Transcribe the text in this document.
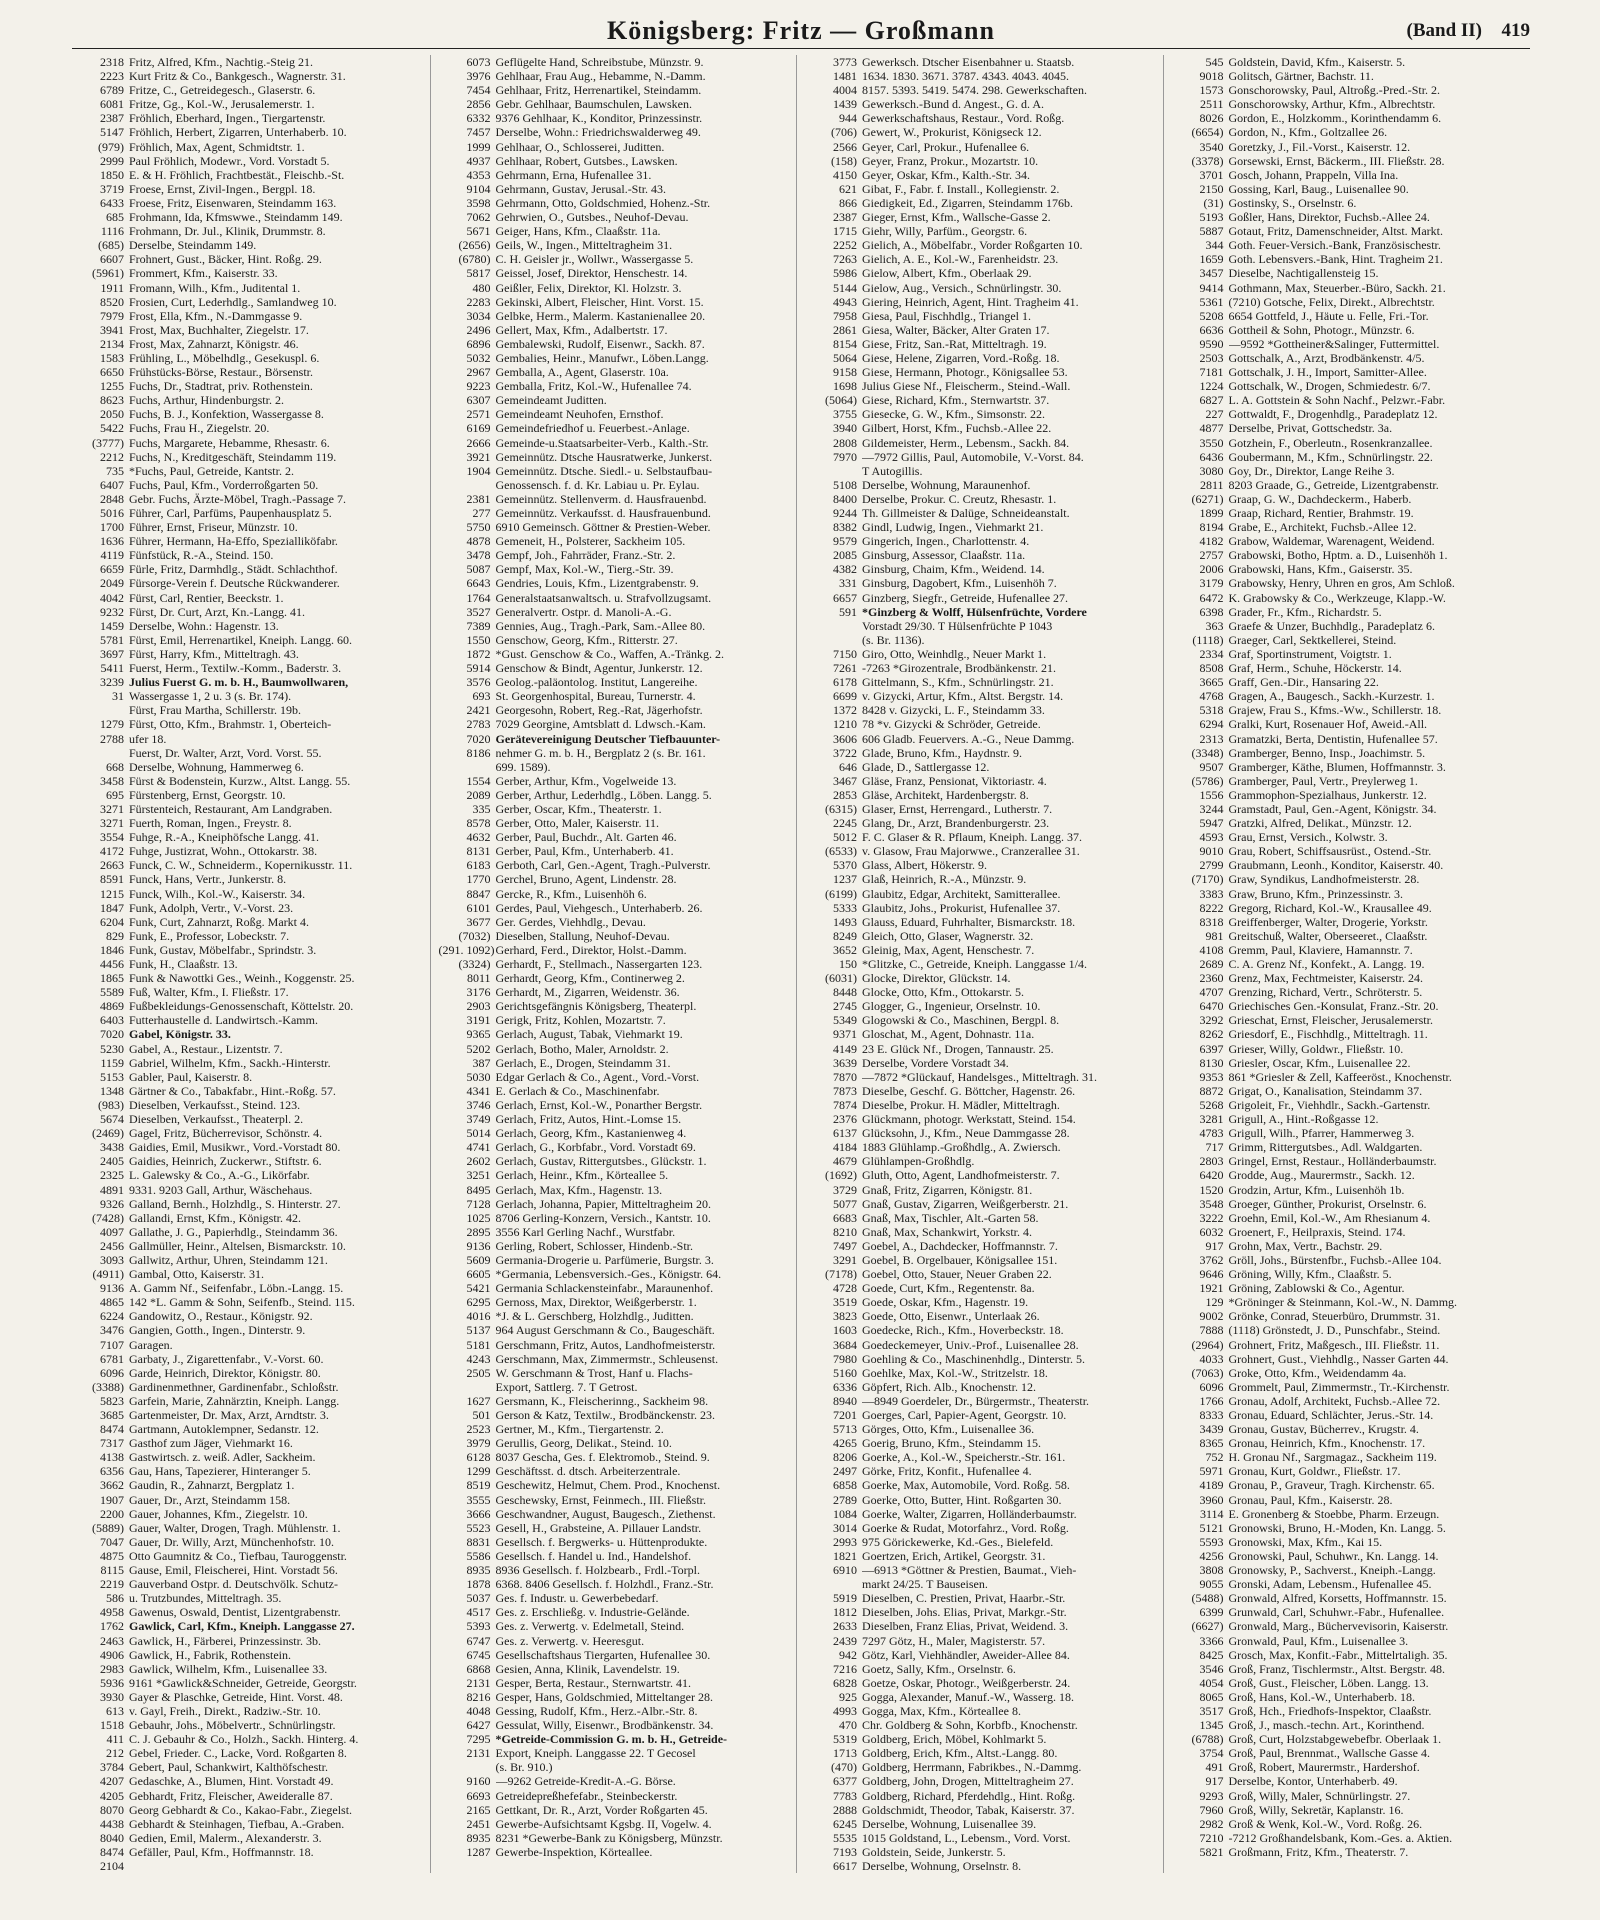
Königsberg: Fritz — Großmann	(Band II) 419
2318 Fritz, Alfred, Kfm., Nachtig.-Steig 21.
2223 Kurt Fritz & Co., Bankgesch., Wagnerstr. 31.
6789 Fritze, C., Getreidegesch., Glaserstr. 6.
6081 Fritze, Gg., Kol.-W., Jerusalemerstr. 1.
2387 Fröhlich, Eberhard, Ingen., Tiergartenstr.
5147 Fröhlich, Herbert, Zigarren, Unterhaberb. 10.
(979) Fröhlich, Max, Agent, Schmidtstr. 1.
2999 Paul Fröhlich, Modewr., Vord. Vorstadt 5.
1850 E. & H. Fröhlich, Frachtbestät., Fleischb.-St.
3719 Froese, Ernst, Zivil-Ingen., Bergpl. 18.
6433 Froese, Fritz, Eisenwaren, Steindamm 163.
685 Frohmann, Ida, Kfmswwe., Steindamm 149.
1116 Frohmann, Dr. Jul., Klinik, Drummstr. 8.
(685) Derselbe, Steindamm 149.
6607 Frohnert, Gust., Bäcker, Hint. Roßg. 29.
(5961) Frommert, Kfm., Kaiserstr. 33.
1911 Fromann, Wilh., Kfm., Juditental 1.
8520 Frosien, Curt, Lederhdlg., Samlandweg 10.
7979 Frost, Ella, Kfm., N.-Dammgasse 9.
3941 Frost, Max, Buchhalter, Ziegelstr. 17.
2134 Frost, Max, Zahnarzt, Königstr. 46.
1583 Frühling, L., Möbelhdlg., Gesekuspl. 6.
6650 Frühstücks-Börse, Restaur., Börsenstr.
1255 Fuchs, Dr., Stadtrat, priv. Rothenstein.
8623 Fuchs, Arthur, Hindenburgstr. 2.
2050 Fuchs, B. J., Konfektion, Wassergasse 8.
5422 Fuchs, Frau H., Ziegelstr. 20.
(3777) Fuchs, Margarete, Hebamme, Rhesastr. 6.
2212 Fuchs, N., Kreditgeschäft, Steindamm 119.
735 *Fuchs, Paul, Getreide, Kantstr. 2.
6407 Fuchs, Paul, Kfm., Vorderroßgarten 50.
2848 Gebr. Fuchs, Ärzte-Möbel, Tragh.-Passage 7.
5016 Führer, Carl, Parfüms, Paupenhausplatz 5.
1700 Führer, Ernst, Friseur, Münzstr. 10.
1636 Führer, Hermann, Ha-Effo, Spezialliköfabr.
4119 Fünfstück, R.-A., Steind. 150.
6659 Fürle, Fritz, Darmhdlg., Städt. Schlachthof.
2049 Fürsorge-Verein f. Deutsche Rückwanderer.
4042 Fürst, Carl, Rentier, Beeckstr. 1.
9232 Fürst, Dr. Curt, Arzt, Kn.-Langg. 41.
1459 Derselbe, Wohn.: Hagenstr. 13.
5781 Fürst, Emil, Herrenartikel, Kneiph. Langg. 60.
3697 Fürst, Harry, Kfm., Mitteltragh. 43.
5411 Fuerst, Herm., Textilw.-Komm., Baderstr. 3.
3239 Julius Fuerst G. m. b. H., Baumwollwaren,
31 Wassergasse 1, 2 u. 3 (s. Br. 174).
Fürst, Frau Martha, Schillerstr. 19b.
1279 Fürst, Otto, Kfm., Brahmstr. 1, Oberteich-
2788 ufer 18.
Fuerst, Dr. Walter, Arzt, Vord. Vorst. 55.
668 Derselbe, Wohnung, Hammerweg 6.
3458 Fürst & Bodenstein, Kurzw., Altst. Langg. 55.
695 Fürstenberg, Ernst, Georgstr. 10.
3271 Fürstenteich, Restaurant, Am Landgraben.
3271 Fuerth, Roman, Ingen., Freystr. 8.
3554 Fuhge, R.-A., Kneiphöfsche Langg. 41.
4172 Fuhge, Justizrat, Wohn., Ottokarstr. 38.
2663 Funck, C. W., Schneiderm., Kopernikusstr. 11.
8591 Funck, Hans, Vertr., Junkerstr. 8.
1215 Funck, Wilh., Kol.-W., Kaiserstr. 34.
1847 Funk, Adolph, Vertr., V.-Vorst. 23.
6204 Funk, Curt, Zahnarzt, Roßg. Markt 4.
829 Funk, E., Professor, Lobeckstr. 7.
1846 Funk, Gustav, Möbelfabr., Sprindstr. 3.
4456 Funk, H., Claaßstr. 13.
1865 Funk & Nawottki Ges., Weinh., Koggenstr. 25.
5589 Fuß, Walter, Kfm., I. Fließstr. 17.
4869 Fußbekleidungs-Genossenschaft, Köttelstr. 20.
6403 Futterhaustelle d. Landwirtsch.-Kamm.
7020 Gabel, Königstr. 33.
5230 Gabel, A., Restaur., Lizentstr. 7.
1159 Gabriel, Wilhelm, Kfm., Sackh.-Hinterstr.
5153 Gabler, Paul, Kaiserstr. 8.
1348 Gärtner & Co., Tabakfabr., Hint.-Roßg. 57.
(983) Dieselben, Verkaufsst., Steind. 123.
5674 Dieselben, Verkaufsst., Theaterpl. 2.
(2469) Gagel, Fritz, Bücherrevisor, Schönstr. 4.
3438 Gaidies, Emil, Musikwr., Vord.-Vorstadt 80.
2405 Gaidies, Heinrich, Zuckerwr., Stiftstr. 6.
2325 L. Galewsky & Co., A.-G., Likörfabr.
4891 9331. 9203 Gall, Arthur, Wäschehaus.
9326 Galland, Bernh., Holzhdlg., S. Hinterstr. 27.
(7428) Gallandi, Ernst, Kfm., Königstr. 42.
4097 Gallathe, J. G., Papierhdlg., Steindamm 36.
2456 Gallmüller, Heinr., Altelsen, Bismarckstr. 10.
3093 Gallwitz, Arthur, Uhren, Steindamm 121.
(4911) Gambal, Otto, Kaiserstr. 31.
9136 A. Gamm Nf., Seifenfabr., Löbn.-Langg. 15.
4865 142 *L. Gamm & Sohn, Seifenfb., Steind. 115.
6224 Gandowitz, O., Restaur., Königstr. 92.
3476 Gangien, Gotth., Ingen., Dinterstr. 9.
7107 Garagen.
6781 Garbaty, J., Zigarettenfabr., V.-Vorst. 60.
6096 Garde, Heinrich, Direktor, Königstr. 80.
(3388) Gardinenmethner, Gardinenfabr., Schloßstr.
5823 Garfein, Marie, Zahnärztin, Kneiph. Langg.
3685 Gartenmeister, Dr. Max, Arzt, Arndtstr. 3.
8474 Gartmann, Autoklempner, Sedanstr. 12.
7317 Gasthof zum Jäger, Viehmarkt 16.
4138 Gastwirtsch. z. weiß. Adler, Sackheim.
6356 Gau, Hans, Tapezierer, Hinteranger 5.
3662 Gaudin, R., Zahnarzt, Bergplatz 1.
1907 Gauer, Dr., Arzt, Steindamm 158.
2200 Gauer, Johannes, Kfm., Ziegelstr. 10.
(5889) Gauer, Walter, Drogen, Tragh. Mühlenstr. 1.
7047 Gauer, Dr. Willy, Arzt, Münchenhofstr. 10.
4875 Otto Gaumnitz & Co., Tiefbau, Tauroggenstr.
8115 Gause, Emil, Fleischerei, Hint. Vorstadt 56.
2219 Gauverband Ostpr. d. Deutschvölk. Schutz-
586 u. Trutzbundes, Mitteltragh. 35.
4958 Gawenus, Oswald, Dentist, Lizentgrabenstr.
1762 Gawlick, Carl, Kfm., Kneiph. Langgasse 27.
2463 Gawlick, H., Färberei, Prinzessinstr. 3b.
4906 Gawlick, H., Fabrik, Rothenstein.
2983 Gawlick, Wilhelm, Kfm., Luisenallee 33.
5936 9161 *Gawlick&Schneider, Getreide, Georgstr.
3930 Gayer & Plaschke, Getreide, Hint. Vorst. 48.
613 v. Gayl, Freih., Direkt., Radziw.-Str. 10.
1518 Gebauhr, Johs., Möbelvertr., Schnürlingstr.
411 C. J. Gebauhr & Co., Holzh., Sackh. Hinterg. 4.
212 Gebel, Frieder. C., Lacke, Vord. Roßgarten 8.
3784 Gebert, Paul, Schankwirt, Kalthöfschestr.
4207 Gedaschke, A., Blumen, Hint. Vorstadt 49.
4205 Gebhardt, Fritz, Fleischer, Aweideralle 87.
8070 Georg Gebhardt & Co., Kakao-Fabr., Ziegelst.
4438 Gebhardt & Steinhagen, Tiefbau, A.-Graben.
8040 Gedien, Emil, Malerm., Alexanderstr. 3.
8474 Gefäller, Paul, Kfm., Hoffmannstr. 18.
2104
6073 Geflügelte Hand, Schreibstube, Münzstr. 9.
3976 Gehlhaar, Frau Aug., Hebamme, N.-Damm.
7454 Gehlhaar, Fritz, Herrenartikel, Steindamm.
2856 Gebr. Gehlhaar, Baumschulen, Lawsken.
6332 9376 Gehlhaar, K., Konditor, Prinzessinstr.
7457 Derselbe, Wohn.: Friedrichswalderweg 49.
1999 Gehlhaar, O., Schlosserei, Juditten.
4937 Gehlhaar, Robert, Gutsbes., Lawsken.
4353 Gehrmann, Erna, Hufenallee 31.
9104 Gehrmann, Gustav, Jerusal.-Str. 43.
3598 Gehrmann, Otto, Goldschmied, Hohenz.-Str.
7062 Gehrwien, O., Gutsbes., Neuhof-Devau.
5671 Geiger, Hans, Kfm., Claaßstr. 11a.
(2656) Geils, W., Ingen., Mitteltragheim 31.
(6780) C. H. Geisler jr., Wollwr., Wassergasse 5.
5817 Geissel, Josef, Direktor, Henschestr. 14.
480 Geißler, Felix, Direktor, Kl. Holzstr. 3.
2283 Gekinski, Albert, Fleischer, Hint. Vorst. 15.
3034 Gelbke, Herm., Malerm. Kastanienallee 20.
2496 Gellert, Max, Kfm., Adalbertstr. 17.
6896 Gembalewski, Rudolf, Eisenwr., Sackh. 87.
5032 Gembalies, Heinr., Manufwr., Löben.Langg.
2967 Gemballa, A., Agent, Glaserstr. 10a.
9223 Gemballa, Fritz, Kol.-W., Hufenallee 74.
6307 Gemeindeamt Juditten.
2571 Gemeindeamt Neuhofen, Ernsthof.
6169 Gemeindefriedhof u. Feuerbest.-Anlage.
2666 Gemeinde-u.Staatsarbeiter-Verb., Kalth.-Str.
3921 Gemeinnütz. Dtsche Hausratwerke, Junkerst.
1904 Gemeinnütz. Dtsche. Siedl.- u. Selbstaufbau-
Genossensch. f. d. Kr. Labiau u. Pr. Eylau.
2381 Gemeinnütz. Stellenverm. d. Hausfrauenbd.
277 Gemeinnütz. Verkaufsst. d. Hausfrauenbund.
5750 6910 Gemeinsch. Göttner & Prestien-Weber.
4878 Gemeneit, H., Polsterer, Sackheim 105.
3478 Gempf, Joh., Fahrräder, Franz.-Str. 2.
5087 Gempf, Max, Kol.-W., Tierg.-Str. 39.
6643 Gendries, Louis, Kfm., Lizentgrabenstr. 9.
1764 Generalstaatsanwaltsch. u. Strafvollzugsamt.
3527 Generalvertr. Ostpr. d. Manoli-A.-G.
7389 Gennies, Aug., Tragh.-Park, Sam.-Allee 80.
1550 Genschow, Georg, Kfm., Ritterstr. 27.
1872 *Gust. Genschow & Co., Waffen, A.-Tränkg. 2.
5914 Genschow & Bindt, Agentur, Junkerstr. 12.
3576 Geolog.-paläontolog. Institut, Langereihe.
693 St. Georgenhospital, Bureau, Turnerstr. 4.
2421 Georgesohn, Robert, Reg.-Rat, Jägerhofstr.
2783 7029 Georgine, Amtsblatt d. Ldwsch.-Kam.
7020 Gerätevereinigung Deutscher Tiefbauunter-
8186 nehmer G. m. b. H., Bergplatz 2 (s. Br. 161.
699. 1589).
1554 Gerber, Arthur, Kfm., Vogelweide 13.
2089 Gerber, Arthur, Lederhdlg., Löben. Langg. 5.
335 Gerber, Oscar, Kfm., Theaterstr. 1.
8578 Gerber, Otto, Maler, Kaiserstr. 11.
4632 Gerber, Paul, Buchdr., Alt. Garten 46.
8131 Gerber, Paul, Kfm., Unterhaberb. 41.
6183 Gerboth, Carl, Gen.-Agent, Tragh.-Pulverstr.
1770 Gerchel, Bruno, Agent, Lindenstr. 28.
8847 Gercke, R., Kfm., Luisenhöh 6.
6101 Gerdes, Paul, Viehgesch., Unterhaberb. 26.
3677 Ger. Gerdes, Viehhdlg., Devau.
(7032) Dieselben, Stallung, Neuhof-Devau.
(291. 1092) Gerhard, Ferd., Direktor, Holst.-Damm.
(3324) Gerhardt, F., Stellmach., Nassergarten 123.
8011 Gerhardt, Georg, Kfm., Continerweg 2.
3176 Gerhardt, M., Zigarren, Weidenstr. 36.
2903 Gerichtsgefängnis Königsberg, Theaterpl.
3191 Gerigk, Fritz, Kohlen, Mozartstr. 7.
9365 Gerlach, August, Tabak, Viehmarkt 19.
5202 Gerlach, Botho, Maler, Arnoldstr. 2.
387 Gerlach, E., Drogen, Steindamm 31.
5030 Edgar Gerlach & Co., Agent., Vord.-Vorst.
4341 E. Gerlach & Co., Maschinenfabr.
3746 Gerlach, Ernst, Kol.-W., Ponarther Bergstr.
3749 Gerlach, Fritz, Autos, Hint.-Lomse 15.
5014 Gerlach, Georg, Kfm., Kastanienweg 4.
4741 Gerlach, G., Korbfabr., Vord. Vorstadt 69.
2602 Gerlach, Gustav, Rittergutsbes., Glückstr. 1.
3251 Gerlach, Heinr., Kfm., Körteallee 5.
8495 Gerlach, Max, Kfm., Hagenstr. 13.
7128 Gerlach, Johanna, Papier, Mitteltragheim 20.
1025 8706 Gerling-Konzern, Versich., Kantstr. 10.
2895 3556 Karl Gerling Nachf., Wurstfabr.
9136 Gerling, Robert, Schlosser, Hindenb.-Str.
5609 Germania-Drogerie u. Parfümerie, Burgstr. 3.
6605 *Germania, Lebensversich.-Ges., Königstr. 64.
5421 Germania Schlackensteinfabr., Maraunenhof.
6295 Gernoss, Max, Direktor, Weißgerberstr. 1.
4016 *J. & L. Gerschberg, Holzhdlg., Juditten.
5137 964 August Gerschmann & Co., Baugeschäft.
5181 Gerschmann, Fritz, Autos, Landhofmeisterstr.
4243 Gerschmann, Max, Zimmermstr., Schleusenst.
2505 W. Gerschmann & Trost, Hanf u. Flachs-
Export, Sattlerg. 7. T Getrost.
1627 Gersmann, K., Fleischerinng., Sackheim 98.
501 Gerson & Katz, Textilw., Brodbänckenstr. 23.
2523 Gertner, M., Kfm., Tiergartenstr. 2.
3979 Gerullis, Georg, Delikat., Steind. 10.
6128 8037 Gescha, Ges. f. Elektromob., Steind. 9.
1299 Geschäftsst. d. dtsch. Arbeiterzentrale.
8519 Geschewitz, Helmut, Chem. Prod., Knochenst.
3555 Geschewsky, Ernst, Feinmech., III. Fließstr.
3666 Geschwandner, August, Baugesch., Ziethenst.
5523 Gesell, H., Grabsteine, A. Pillauer Landstr.
8831 Gesellsch. f. Bergwerks- u. Hüttenprodukte.
5586 Gesellsch. f. Handel u. Ind., Handelshof.
8935 8936 Gesellsch. f. Holzbearb., Frdl.-Torpl.
1878 6368. 8406 Gesellsch. f. Holzhdl., Franz.-Str.
5037 Ges. f. Industr. u. Gewerbebedarf.
4517 Ges. z. Erschließg. v. Industrie-Gelände.
5393 Ges. z. Verwertg. v. Edelmetall, Steind.
6747 Ges. z. Verwertg. v. Heeresgut.
6745 Gesellschaftshaus Tiergarten, Hufenallee 30.
6868 Gesien, Anna, Klinik, Lavendelstr. 19.
2131 Gesper, Berta, Restaur., Sternwartstr. 41.
8216 Gesper, Hans, Goldschmied, Mitteltanger 28.
4048 Gessing, Rudolf, Kfm., Herz.-Albr.-Str. 8.
6427 Gessulat, Willy, Eisenwr., Brodbänkenstr. 34.
7295 *Getreide-Commission G. m. b. H., Getreide-
2131 Export, Kneiph. Langgasse 22. T Gecosel
(s. Br. 910.)
9160 —9262 Getreide-Kredit-A.-G. Börse.
6693 Getreidepreßhefefabr., Steinbeckerstr.
2165 Gettkant, Dr. R., Arzt, Vorder Roßgarten 45.
2451 Gewerbe-Aufsichtsamt Kgsbg. II, Vogelw. 4.
8935 8231 *Gewerbe-Bank zu Königsberg, Münzstr.
1287 Gewerbe-Inspektion, Körteallee.
3773 Gewerksch. Dtscher Eisenbahner u. Staatsb.
1481 1634. 1830. 3671. 3787. 4343. 4043. 4045.
4004 8157. 5393. 5419. 5474. 298. Gewerkschaften.
1439 Gewerksch.-Bund d. Angest., G. d. A.
944 Gewerkschaftshaus, Restaur., Vord. Roßg.
(706) Gewert, W., Prokurist, Königseck 12.
2566 Geyer, Carl, Prokur., Hufenallee 6.
(158) Geyer, Franz, Prokur., Mozartstr. 10.
4150 Geyer, Oskar, Kfm., Kalth.-Str. 34.
621 Gibat, F., Fabr. f. Install., Kollegienstr. 2.
866 Giedigkeit, Ed., Zigarren, Steindamm 176b.
2387 Gieger, Ernst, Kfm., Wallsche-Gasse 2.
1715 Giehr, Willy, Parfüm., Georgstr. 6.
2252 Gielich, A., Möbelfabr., Vorder Roßgarten 10.
7263 Gielich, A. E., Kol.-W., Farenheidstr. 23.
5986 Gielow, Albert, Kfm., Oberlaak 29.
5144 Gielow, Aug., Versich., Schnürlingstr. 30.
4943 Giering, Heinrich, Agent, Hint. Tragheim 41.
7958 Giesa, Paul, Fischhdlg., Triangel 1.
2861 Giesa, Walter, Bäcker, Alter Graten 17.
8154 Giese, Fritz, San.-Rat, Mitteltragh. 19.
5064 Giese, Helene, Zigarren, Vord.-Roßg. 18.
9158 Giese, Hermann, Photogr., Königsallee 53.
1698 Julius Giese Nf., Fleischerm., Steind.-Wall.
(5064) Giese, Richard, Kfm., Sternwartstr. 37.
3755 Giesecke, G. W., Kfm., Simsonstr. 22.
3940 Gilbert, Horst, Kfm., Fuchsb.-Allee 22.
2808 Gildemeister, Herm., Lebensm., Sackh. 84.
7970 —7972 Gillis, Paul, Automobile, V.-Vorst. 84.
T Autogillis.
5108 Derselbe, Wohnung, Maraunenhof.
8400 Derselbe, Prokur. C. Creutz, Rhesastr. 1.
9244 Th. Gillmeister & Dalüge, Schneideanstalt.
8382 Gindl, Ludwig, Ingen., Viehmarkt 21.
9579 Gingerich, Ingen., Charlottenstr. 4.
2085 Ginsburg, Assessor, Claaßstr. 11a.
4382 Ginsburg, Chaim, Kfm., Weidend. 14.
331 Ginsburg, Dagobert, Kfm., Luisenhöh 7.
6657 Ginzberg, Siegfr., Getreide, Hufenallee 27.
591 *Ginzberg & Wolff, Hülsenfrüchte, Vordere
Vorstadt 29/30. T Hülsenfrüchte P 1043
(s. Br. 1136).
7150 Giro, Otto, Weinhdlg., Neuer Markt 1.
7261 -7263 *Girozentrale, Brodbänkenstr. 21.
6178 Gittelmann, S., Kfm., Schnürlingstr. 21.
6699 v. Gizycki, Artur, Kfm., Altst. Bergstr. 14.
1372 8428 v. Gizycki, L. F., Steindamm 33.
1210 78 *v. Gizycki & Schröder, Getreide.
3606 606 Gladb. Feuervers. A.-G., Neue Dammg.
3722 Glade, Bruno, Kfm., Haydnstr. 9.
646 Glade, D., Sattlergasse 12.
3467 Gläse, Franz, Pensionat, Viktoriastr. 4.
2853 Gläse, Architekt, Hardenbergstr. 8.
(6315) Glaser, Ernst, Herrengard., Lutherstr. 7.
2245 Glang, Dr., Arzt, Brandenburgerstr. 23.
5012 F. C. Glaser & R. Pflaum, Kneiph. Langg. 37.
(6533) v. Glasow, Frau Majorwwe., Cranzerallee 31.
5370 Glass, Albert, Hökerstr. 9.
1237 Glaß, Heinrich, R.-A., Münzstr. 9.
(6199) Glaubitz, Edgar, Architekt, Samitterallee.
5333 Glaubitz, Johs., Prokurist, Hufenallee 37.
1493 Glauss, Eduard, Fuhrhalter, Bismarckstr. 18.
8249 Gleich, Otto, Glaser, Wagnerstr. 32.
3652 Gleinig, Max, Agent, Henschestr. 7.
150 *Glitzke, C., Getreide, Kneiph. Langgasse 1/4.
(6031) Glocke, Direktor, Glückstr. 14.
8448 Glocke, Otto, Kfm., Ottokarstr. 5.
2745 Glogger, G., Ingenieur, Orselnstr. 10.
5349 Glogowski & Co., Maschinen, Bergpl. 8.
9371 Gloschat, M., Agent, Dohnastr. 11a.
4149 23 E. Glück Nf., Drogen, Tannaustr. 25.
3639 Derselbe, Vordere Vorstadt 34.
7870 —7872 *Glückauf, Handelsges., Mitteltragh. 31.
7873 Dieselbe, Geschf. G. Böttcher, Hagenstr. 26.
7874 Dieselbe, Prokur. H. Mädler, Mitteltragh.
2376 Glückmann, photogr. Werkstatt, Steind. 154.
6137 Glücksohn, J., Kfm., Neue Dammgasse 28.
4184 1883 Glühlamp.-Großhdlg., A. Zwiersch.
4679 Glühlampen-Großhdlg.
(1692) Gluth, Otto, Agent, Landhofmeisterstr. 7.
3729 Gnaß, Fritz, Zigarren, Königstr. 81.
5077 Gnaß, Gustav, Zigarren, Weißgerberstr. 21.
6683 Gnaß, Max, Tischler, Alt.-Garten 58.
8210 Gnaß, Max, Schankwirt, Yorkstr. 4.
7497 Goebel, A., Dachdecker, Hoffmannstr. 7.
3291 Goebel, B. Orgelbauer, Königsallee 151.
(7178) Goebel, Otto, Stauer, Neuer Graben 22.
4728 Goede, Curt, Kfm., Regentenstr. 8a.
3519 Goede, Oskar, Kfm., Hagenstr. 19.
3823 Goede, Otto, Eisenwr., Unterlaak 26.
1603 Goedecke, Rich., Kfm., Hoverbeckstr. 18.
3684 Goedeckemeyer, Univ.-Prof., Luisenallee 28.
7980 Goehling & Co., Maschinenhdlg., Dinterstr. 5.
5160 Goehlke, Max, Kol.-W., Stritzelstr. 18.
6336 Göpfert, Rich. Alb., Knochenstr. 12.
8940 —8949 Goerdeler, Dr., Bürgermstr., Theaterstr.
7201 Goerges, Carl, Papier-Agent, Georgstr. 10.
5713 Görges, Otto, Kfm., Luisenallee 36.
4265 Goerig, Bruno, Kfm., Steindamm 15.
8206 Goerke, A., Kol.-W., Speicherstr.-Str. 161.
2497 Görke, Fritz, Konfit., Hufenallee 4.
6858 Goerke, Max, Automobile, Vord. Roßg. 58.
2789 Goerke, Otto, Butter, Hint. Roßgarten 30.
1084 Goerke, Walter, Zigarren, Holländerbaumstr.
3014 Goerke & Rudat, Motorfahrz., Vord. Roßg.
2993 975 Görickewerke, Kd.-Ges., Bielefeld.
1821 Goertzen, Erich, Artikel, Georgstr. 31.
6910 —6913 *Göttner & Prestien, Baumat., Vieh-
markt 24/25. T Bauseisen.
5919 Dieselben, C. Prestien, Privat, Haarbr.-Str.
1812 Dieselben, Johs. Elias, Privat, Markgr.-Str.
2633 Dieselben, Franz Elias, Privat, Weidend. 3.
2439 7297 Götz, H., Maler, Magisterstr. 57.
942 Götz, Karl, Viehhändler, Aweider-Allee 84.
7216 Goetz, Sally, Kfm., Orselnstr. 6.
6828 Goetze, Oskar, Photogr., Weißgerberstr. 24.
925 Gogga, Alexander, Manuf.-W., Wasserg. 18.
4993 Gogga, Max, Kfm., Körteallee 8.
470 Chr. Goldberg & Sohn, Korbfb., Knochenstr.
5319 Goldberg, Erich, Möbel, Kohlmarkt 5.
1713 Goldberg, Erich, Kfm., Altst.-Langg. 80.
(470) Goldberg, Herrmann, Fabrikbes., N.-Dammg.
6377 Goldberg, John, Drogen, Mitteltragheim 27.
7783 Goldberg, Richard, Pferdehdlg., Hint. Roßg.
2888 Goldschmidt, Theodor, Tabak, Kaiserstr. 37.
6245 Derselbe, Wohnung, Luisenallee 39.
5535 1015 Goldstand, L., Lebensm., Vord. Vorst.
7193 Goldstein, Seide, Junkerstr. 5.
6617 Derselbe, Wohnung, Orselnstr. 8.
545 Goldstein, David, Kfm., Kaiserstr. 5.
9018 Golitsch, Gärtner, Bachstr. 11.
1573 Gonschorowsky, Paul, Altroßg.-Pred.-Str. 2.
2511 Gonschorowsky, Arthur, Kfm., Albrechtstr.
8026 Gordon, E., Holzkomm., Korinthendamm 6.
(6654) Gordon, N., Kfm., Goltzallee 26.
3540 Goretzky, J., Fil.-Vorst., Kaiserstr. 12.
(3378) Gorsewski, Ernst, Bäckerm., III. Fließstr. 28.
3701 Gosch, Johann, Prappeln, Villa Ina.
2150 Gossing, Karl, Baug., Luisenallee 90.
(31) Gostinsky, S., Orselnstr. 6.
5193 Goßler, Hans, Direktor, Fuchsb.-Allee 24.
5887 Gotaut, Fritz, Damenschneider, Altst. Markt.
344 Goth. Feuer-Versich.-Bank, Französischestr.
1659 Goth. Lebensvers.-Bank, Hint. Tragheim 21.
3457 Dieselbe, Nachtigallensteig 15.
9414 Gothmann, Max, Steuerber.-Büro, Sackh. 21.
5361 (7210) Gotsche, Felix, Direkt., Albrechtstr.
5208 6654 Gottfeld, J., Häute u. Felle, Fri.-Tor.
6636 Gottheil & Sohn, Photogr., Münzstr. 6.
9590 —9592 *Gottheiner&Salinger, Futtermittel.
2503 Gottschalk, A., Arzt, Brodbänkenstr. 4/5.
7181 Gottschalk, J. H., Import, Samitter-Allee.
1224 Gottschalk, W., Drogen, Schmiedestr. 6/7.
6827 L. A. Gottstein & Sohn Nachf., Pelzwr.-Fabr.
227 Gottwaldt, F., Drogenhdlg., Paradeplatz 12.
4877 Derselbe, Privat, Gottschedstr. 3a.
3550 Gotzhein, F., Oberleutn., Rosenkranzallee.
6436 Goubermann, M., Kfm., Schnürlingstr. 22.
3080 Goy, Dr., Direktor, Lange Reihe 3.
2811 8203 Graade, G., Getreide, Lizentgrabenstr.
(6271) Graap, G. W., Dachdeckerm., Haberb.
1899 Graap, Richard, Rentier, Brahmstr. 19.
8194 Grabe, E., Architekt, Fuchsb.-Allee 12.
4182 Grabow, Waldemar, Warenagent, Weidend.
2757 Grabowski, Botho, Hptm. a. D., Luisenhöh 1.
2006 Grabowski, Hans, Kfm., Gaiserstr. 35.
3179 Grabowsky, Henry, Uhren en gros, Am Schloß.
6472 K. Grabowsky & Co., Werkzeuge, Klapp.-W.
6398 Grader, Fr., Kfm., Richardstr. 5.
363 Graefe & Unzer, Buchhdlg., Paradeplatz 6.
(1118) Graeger, Carl, Sektkellerei, Steind.
2334 Graf, Sportinstrument, Voigtstr. 1.
8508 Graf, Herm., Schuhe, Höckerstr. 14.
3665 Graff, Gen.-Dir., Hansaring 22.
4768 Gragen, A., Baugesch., Sackh.-Kurzestr. 1.
5318 Grajew, Frau S., Kfms.-Ww., Schillerstr. 18.
6294 Gralki, Kurt, Rosenauer Hof, Aweid.-All.
2313 Gramatzki, Berta, Dentistin, Hufenallee 57.
(3348) Gramberger, Benno, Insp., Joachimstr. 5.
9507 Gramberger, Käthe, Blumen, Hoffmannstr. 3.
(5786) Gramberger, Paul, Vertr., Preylerweg 1.
1556 Grammophon-Spezialhaus, Junkerstr. 12.
3244 Gramstadt, Paul, Gen.-Agent, Königstr. 34.
5947 Gratzki, Alfred, Delikat., Münzstr. 12.
4593 Grau, Ernst, Versich., Kolwstr. 3.
9010 Grau, Robert, Schiffsausrüst., Ostend.-Str.
2799 Graubmann, Leonh., Konditor, Kaiserstr. 40.
(7170) Graw, Syndikus, Landhofmeisterstr. 28.
3383 Graw, Bruno, Kfm., Prinzessinstr. 3.
8222 Gregorg, Richard, Kol.-W., Krausallee 49.
8318 Greiffenberger, Walter, Drogerie, Yorkstr.
981 Greitschuß, Walter, Oberseeret., Claaßstr.
4108 Gremm, Paul, Klaviere, Hamannstr. 7.
2689 C. A. Grenz Nf., Konfekt., A. Langg. 19.
2360 Grenz, Max, Fechtmeister, Kaiserstr. 24.
4707 Grenzing, Richard, Vertr., Schröterstr. 5.
6470 Griechisches Gen.-Konsulat, Franz.-Str. 20.
3292 Grieschat, Ernst, Fleischer, Jerusalemerstr.
8262 Griesdorf, E., Fischhdlg., Mitteltragh. 11.
6397 Grieser, Willy, Goldwr., Fließstr. 10.
8130 Griesler, Oscar, Kfm., Luisenallee 22.
9353 861 *Griesler & Zell, Kaffeeröst., Knochenstr.
8872 Grigat, O., Kanalisation, Steindamm 37.
5268 Grigoleit, Fr., Viehhdlr., Sackh.-Gartenstr.
3281 Grigull, A., Hint.-Roßgasse 12.
4783 Grigull, Wilh., Pfarrer, Hammerweg 3.
717 Grimm, Rittergutsbes., Adl. Waldgarten.
2803 Gringel, Ernst, Restaur., Holländerbaumstr.
6420 Grodde, Aug., Maurermstr., Sackh. 12.
1520 Grodzin, Artur, Kfm., Luisenhöh 1b.
3548 Groeger, Günther, Prokurist, Orselnstr. 6.
3222 Groehn, Emil, Kol.-W., Am Rhesianum 4.
6032 Groenert, F., Heilpraxis, Steind. 174.
917 Grohn, Max, Vertr., Bachstr. 29.
3762 Gröll, Johs., Bürstenfbr., Fuchsb.-Allee 104.
9646 Gröning, Willy, Kfm., Claaßstr. 5.
1921 Gröning, Zablowski & Co., Agentur.
129 *Gröninger & Steinmann, Kol.-W., N. Dammg.
9002 Grönke, Conrad, Steuerbüro, Drummstr. 31.
7888 (1118) Grönstedt, J. D., Punschfabr., Steind.
(2964) Grohnert, Fritz, Maßgesch., III. Fließstr. 11.
4033 Grohnert, Gust., Viehhdlg., Nasser Garten 44.
(7063) Groke, Otto, Kfm., Weidendamm 4a.
6096 Grommelt, Paul, Zimmermstr., Tr.-Kirchenstr.
1766 Gronau, Adolf, Architekt, Fuchsb.-Allee 72.
8333 Gronau, Eduard, Schlächter, Jerus.-Str. 14.
3439 Gronau, Gustav, Bücherrev., Krugstr. 4.
8365 Gronau, Heinrich, Kfm., Knochenstr. 17.
752 H. Gronau Nf., Sargmagaz., Sackheim 119.
5971 Gronau, Kurt, Goldwr., Fließstr. 17.
4189 Gronau, P., Graveur, Tragh. Kirchenstr. 65.
3960 Gronau, Paul, Kfm., Kaiserstr. 28.
3114 E. Gronenberg & Stoebbe, Pharm. Erzeugn.
5121 Gronowski, Bruno, H.-Moden, Kn. Langg. 5.
5593 Gronowski, Max, Kfm., Kai 15.
4256 Gronowski, Paul, Schuhwr., Kn. Langg. 14.
3808 Gronowsky, P., Sachverst., Kneiph.-Langg.
9055 Gronski, Adam, Lebensm., Hufenallee 45.
(5488) Gronwald, Alfred, Korsetts, Hoffmannstr. 15.
6399 Grunwald, Carl, Schuhwr.-Fabr., Hufenallee.
(6627) Gronwald, Marg., Büchervevisorin, Kaiserstr.
3366 Gronwald, Paul, Kfm., Luisenallee 3.
8425 Grosch, Max, Konfit.-Fabr., Mittelrtaligh. 35.
3546 Groß, Franz, Tischlermstr., Altst. Bergstr. 48.
4054 Groß, Gust., Fleischer, Löben. Langg. 13.
8065 Groß, Hans, Kol.-W., Unterhaberb. 18.
3517 Groß, Hch., Friedhofs-Inspektor, Claaßstr.
1345 Groß, J., masch.-techn. Art., Korinthend.
(6788) Groß, Curt, Holzstabgewebefbr. Oberlaak 1.
3754 Groß, Paul, Brennmat., Wallsche Gasse 4.
491 Groß, Robert, Maurermstr., Hardershof.
917 Derselbe, Kontor, Unterhaberb. 49.
9293 Groß, Willy, Maler, Schnürlingstr. 27.
7960 Groß, Willy, Sekretär, Kaplanstr. 16.
2982 Groß & Wenk, Kol.-W., Vord. Roßg. 26.
7210 -7212 Großhandelsbank, Kom.-Ges. a. Aktien.
5821 Großmann, Fritz, Kfm., Theaterstr. 7.
